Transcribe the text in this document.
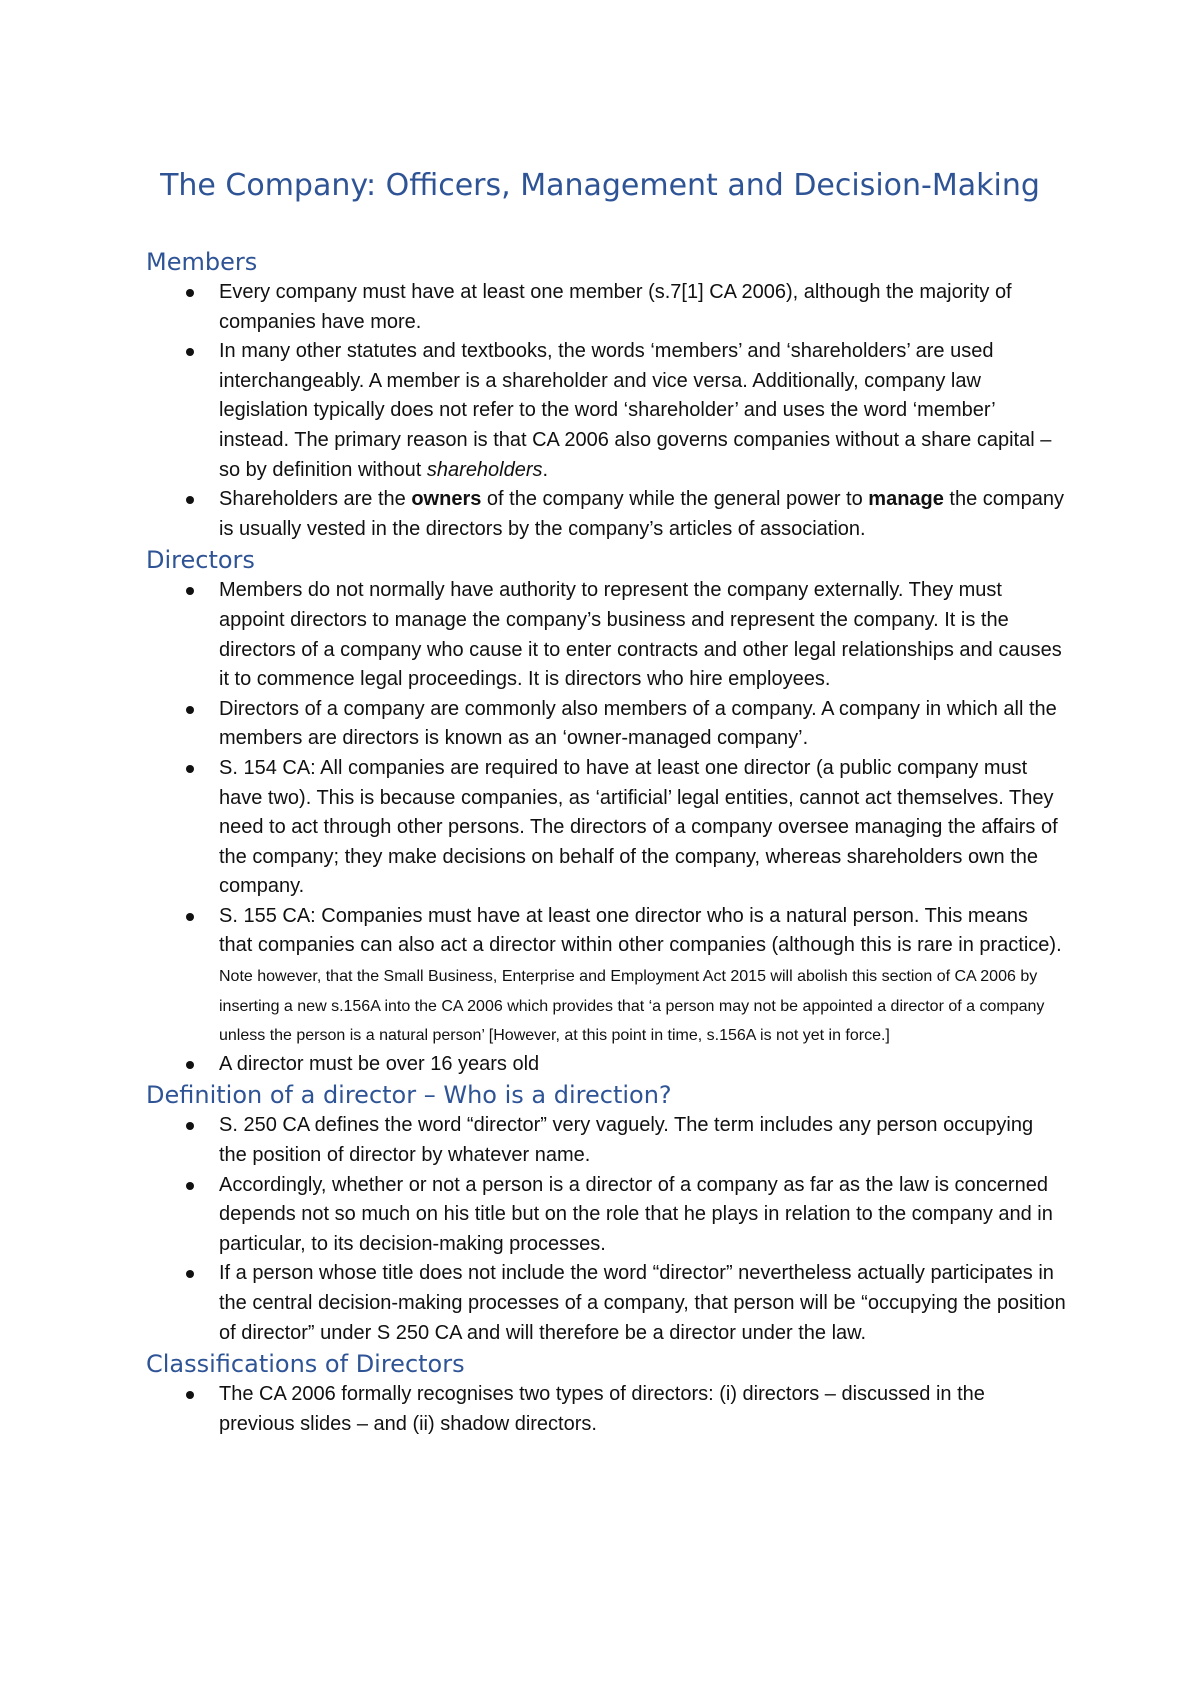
The Company: Officers, Management and Decision-Making
Members
Every company must have at least one member (s.7[1] CA 2006), although the majority of companies have more.
In many other statutes and textbooks, the words ‘members’ and ‘shareholders’ are used interchangeably. A member is a shareholder and vice versa. Additionally, company law legislation typically does not refer to the word ‘shareholder’ and uses the word ‘member’ instead. The primary reason is that CA 2006 also governs companies without a share capital – so by definition without shareholders.
Shareholders are the owners of the company while the general power to manage the company is usually vested in the directors by the company’s articles of association.
Directors
Members do not normally have authority to represent the company externally. They must appoint directors to manage the company’s business and represent the company. It is the directors of a company who cause it to enter contracts and other legal relationships and causes it to commence legal proceedings. It is directors who hire employees.
Directors of a company are commonly also members of a company. A company in which all the members are directors is known as an ‘owner-managed company’.
S. 154 CA: All companies are required to have at least one director (a public company must have two). This is because companies, as ‘artificial’ legal entities, cannot act themselves. They need to act through other persons. The directors of a company oversee managing the affairs of the company; they make decisions on behalf of the company, whereas shareholders own the company.
S. 155 CA: Companies must have at least one director who is a natural person. This means that companies can also act a director within other companies (although this is rare in practice). Note however, that the Small Business, Enterprise and Employment Act 2015 will abolish this section of CA 2006 by inserting a new s.156A into the CA 2006 which provides that ‘a person may not be appointed a director of a company unless the person is a natural person’ [However, at this point in time, s.156A is not yet in force.]
A director must be over 16 years old
Definition of a director – Who is a direction?
S. 250 CA defines the word “director” very vaguely. The term includes any person occupying the position of director by whatever name.
Accordingly, whether or not a person is a director of a company as far as the law is concerned depends not so much on his title but on the role that he plays in relation to the company and in particular, to its decision-making processes.
If a person whose title does not include the word “director” nevertheless actually participates in the central decision-making processes of a company, that person will be “occupying the position of director” under S 250 CA and will therefore be a director under the law.
Classifications of Directors
The CA 2006 formally recognises two types of directors: (i) directors – discussed in the previous slides – and (ii) shadow directors.
